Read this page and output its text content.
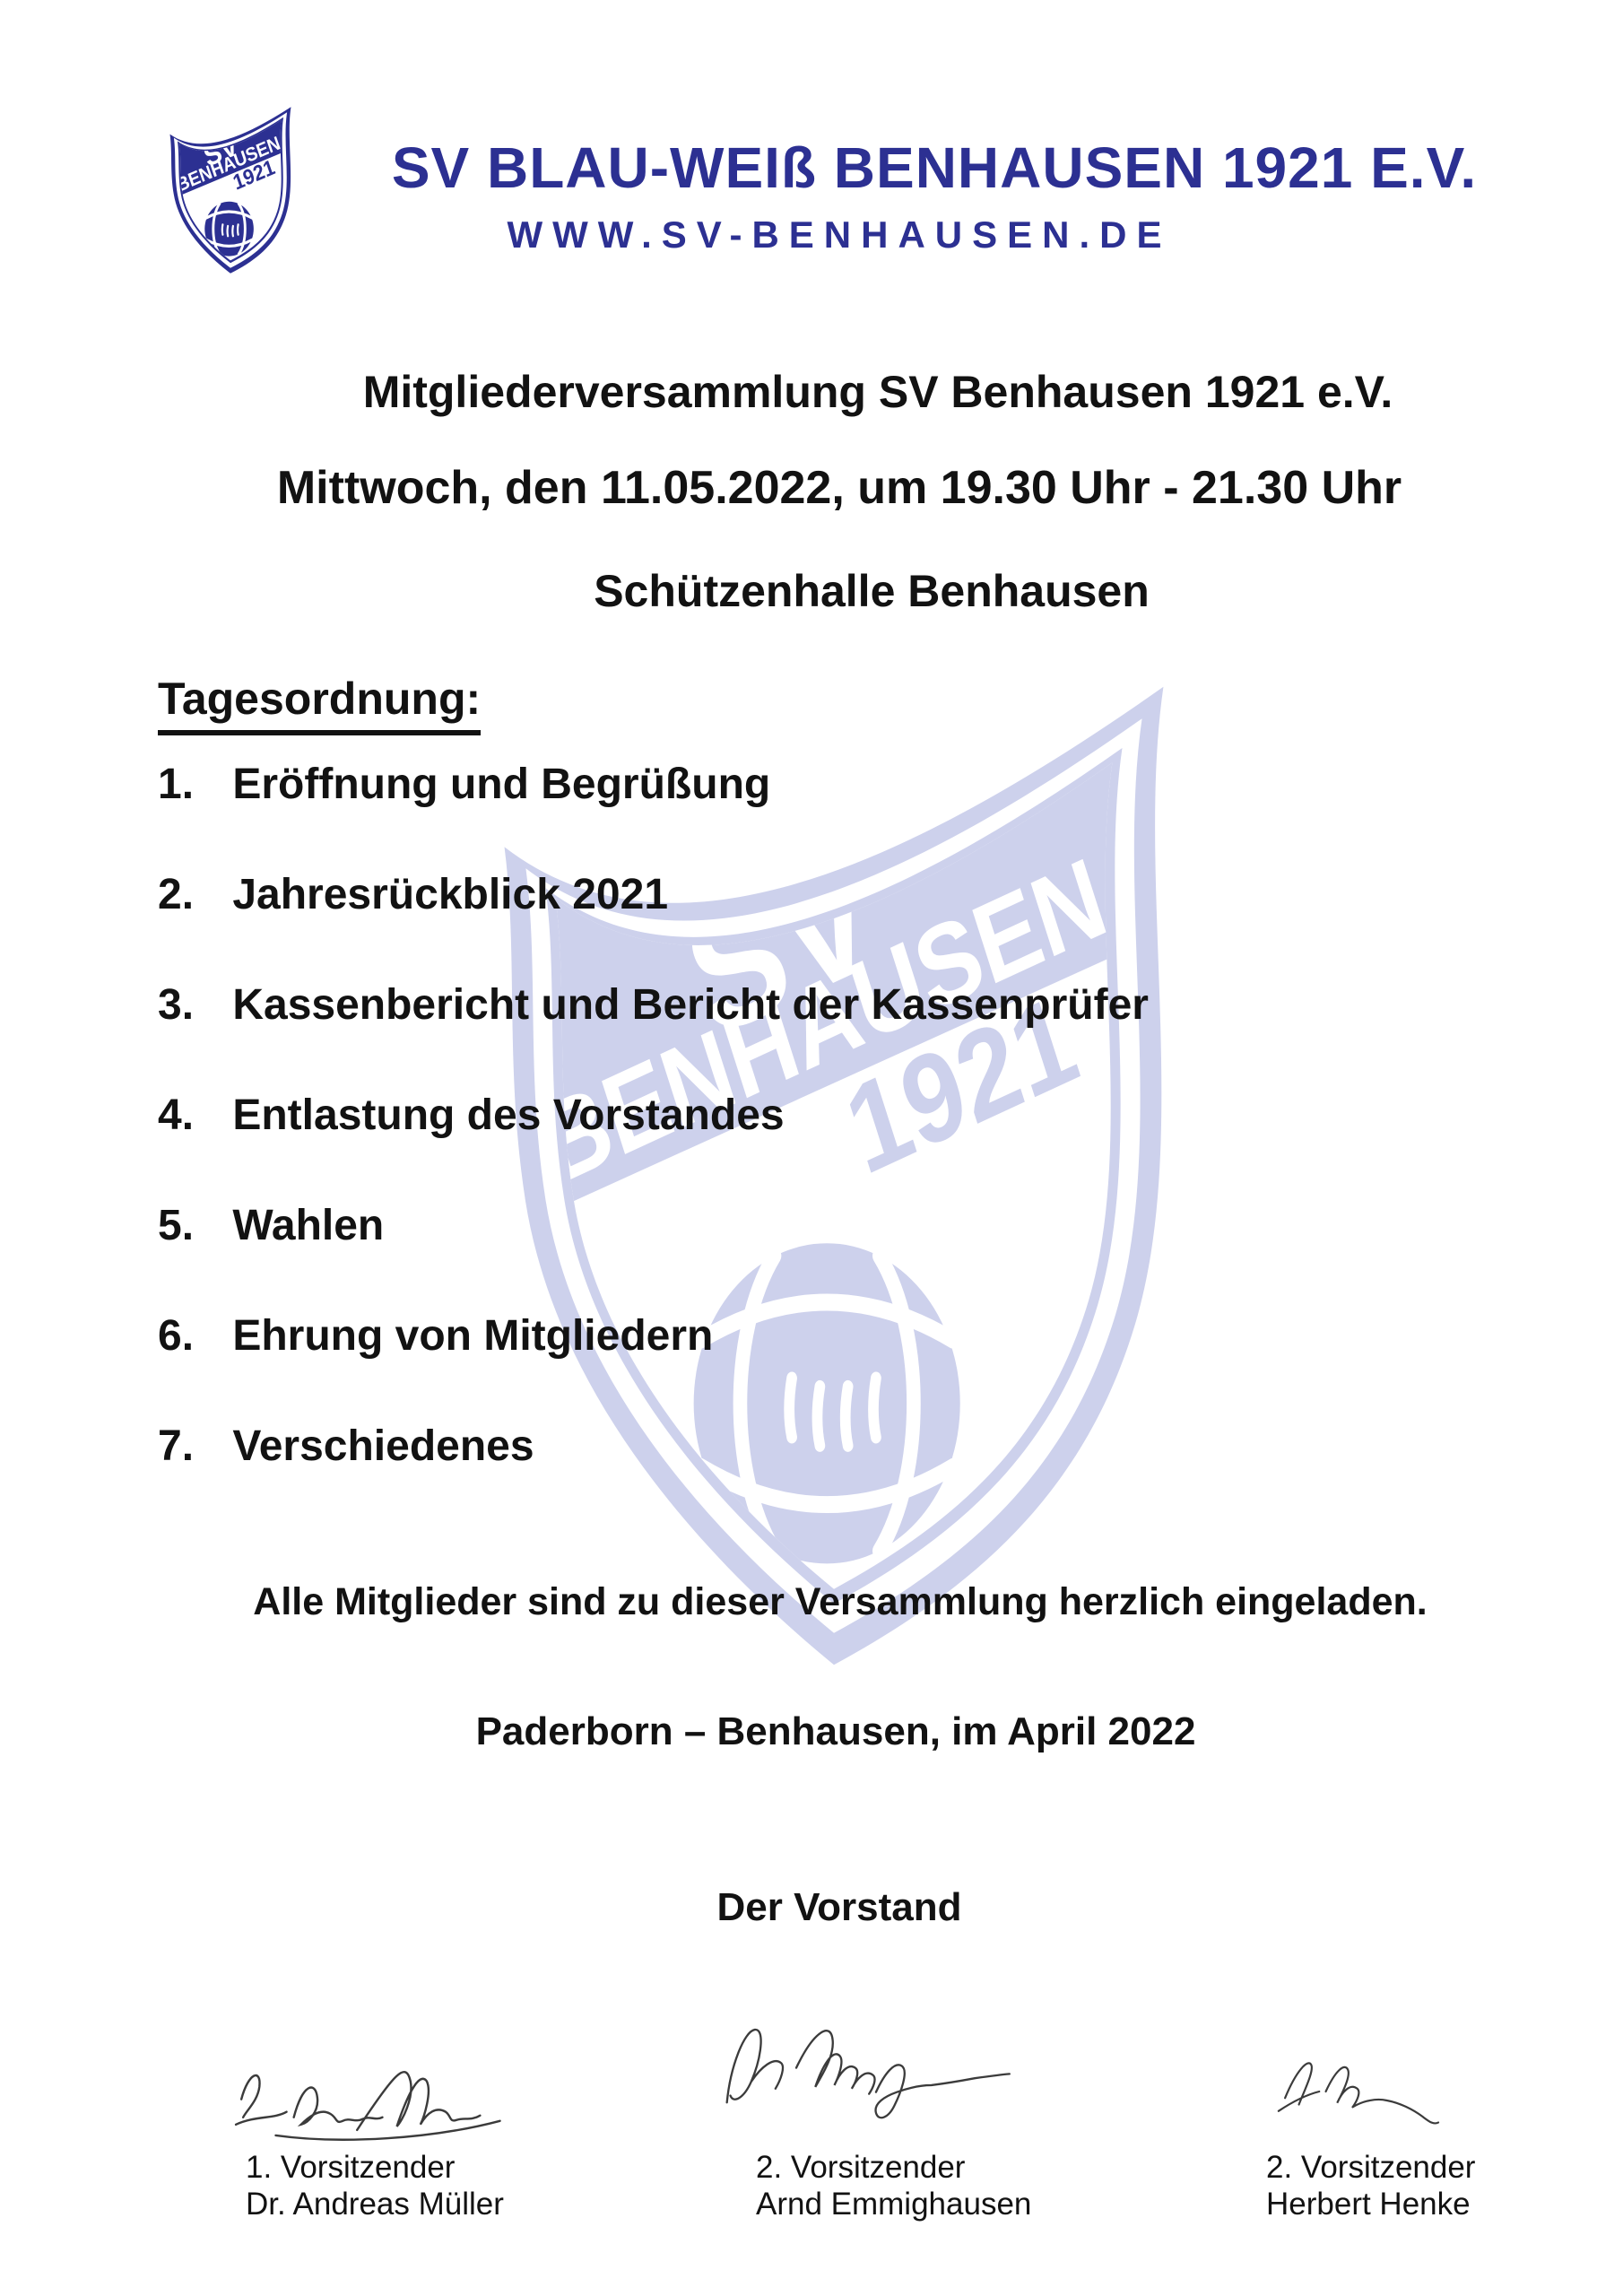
SV BLAU-WEIß BENHAUSEN 1921 E.V.
WWW.SV-BENHAUSEN.DE
Mitgliederversammlung SV Benhausen 1921 e.V.
Mittwoch, den 11.05.2022, um 19.30 Uhr - 21.30 Uhr
Schützenhalle Benhausen
Tagesordnung:
1. Eröffnung und Begrüßung
2. Jahresrückblick 2021
3. Kassenbericht und Bericht der Kassenprüfer
4. Entlastung des Vorstandes
5. Wahlen
6. Ehrung von Mitgliedern
7. Verschiedenes
Alle Mitglieder sind zu dieser Versammlung herzlich eingeladen.
Paderborn – Benhausen, im April 2022
Der Vorstand
1. Vorsitzender
Dr. Andreas Müller
2. Vorsitzender
Arnd Emmighausen
2. Vorsitzender
Herbert Henke
